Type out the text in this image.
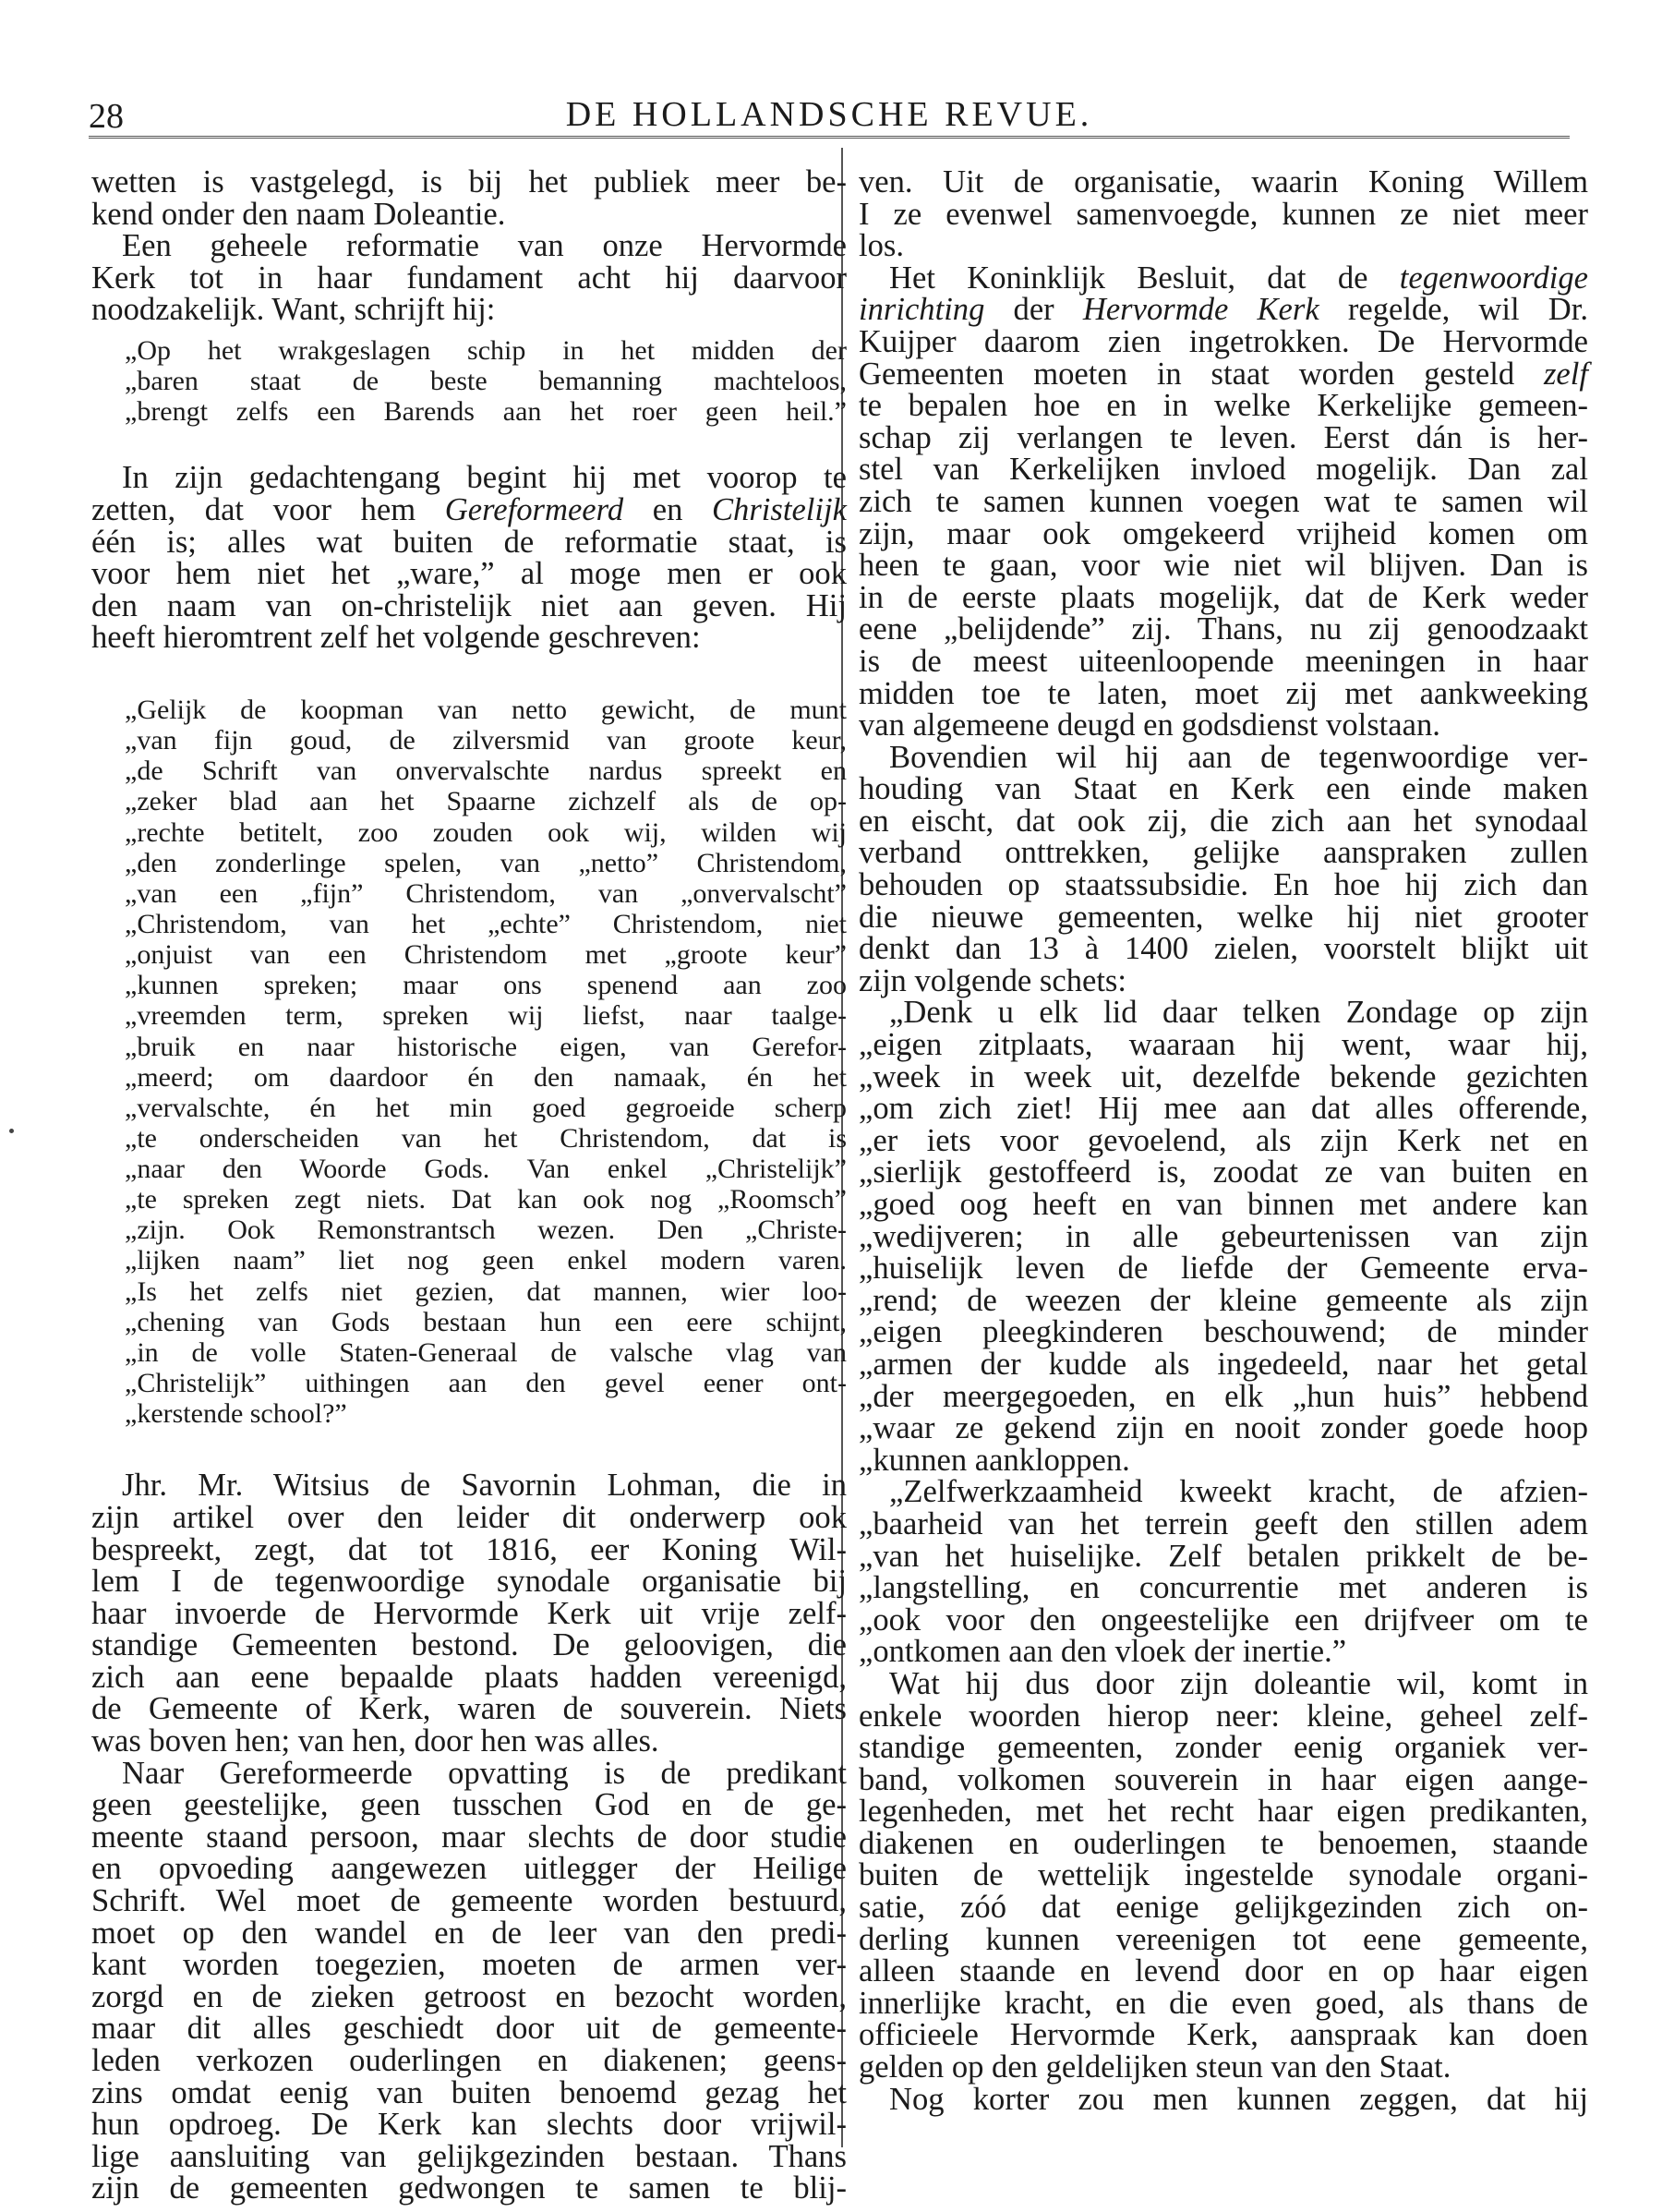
28	DE HOLLANDSCHE REVUE.

wetten is vastgelegd, is bij het publiek meer be-

kend onder den naam Doleantie.

Een geheele reformatie van onze Hervormde

Kerk tot in haar fundament acht hij daarvoor

noodzakelijk. Want, schrijft hij:

„Op het wrakgeslagen schip in het midden der

„baren staat de beste bemanning machteloos,

„brengt zelfs een Barends aan het roer geen heil.”

In zijn gedachtengang begint hij met voorop te

zetten, dat voor hem Gereformeerd en Christelijk

één is; alles wat buiten de reformatie staat, is

voor hem niet het „ware,” al moge men er ook

den naam van on-christelijk niet aan geven. Hij

heeft hieromtrent zelf het volgende geschreven:

„Gelijk de koopman van netto gewicht, de munt

„van fijn goud, de zilversmid van groote keur,

„de Schrift van onvervalschte nardus spreekt en

„zeker blad aan het Spaarne zichzelf als de op-

„rechte betitelt, zoo zouden ook wij, wilden wij

„den zonderlinge spelen, van „netto” Christendom,

„van een „fijn” Christendom, van „onvervalscht”

„Christendom, van het „echte” Christendom, niet

„onjuist van een Christendom met „groote keur”

„kunnen spreken; maar ons spenend aan zoo

„vreemden term, spreken wij liefst, naar taalge-

„bruik en naar historische eigen, van Gerefor-

„meerd; om daardoor én den namaak, én het

„vervalschte, én het min goed gegroeide scherp

„te onderscheiden van het Christendom, dat is

„naar den Woorde Gods. Van enkel „Christelijk”

„te spreken zegt niets. Dat kan ook nog „Roomsch”

„zijn. Ook Remonstrantsch wezen. Den „Christe-

„lijken naam” liet nog geen enkel modern varen.

„Is het zelfs niet gezien, dat mannen, wier loo-

„chening van Gods bestaan hun een eere schijnt,

„in de volle Staten-Generaal de valsche vlag van

„Christelijk” uithingen aan den gevel eener ont-

„kerstende school?”

Jhr. Mr. Witsius de Savornin Lohman, die in

zijn artikel over den leider dit onderwerp ook

bespreekt, zegt, dat tot 1816, eer Koning Wil-

lem I de tegenwoordige synodale organisatie bij

haar invoerde de Hervormde Kerk uit vrije zelf-

standige Gemeenten bestond. De geloovigen, die

zich aan eene bepaalde plaats hadden vereenigd,

de Gemeente of Kerk, waren de souverein. Niets

was boven hen; van hen, door hen was alles.

Naar Gereformeerde opvatting is de predikant

geen geestelijke, geen tusschen God en de ge-

meente staand persoon, maar slechts de door studie

en opvoeding aangewezen uitlegger der Heilige

Schrift. Wel moet de gemeente worden bestuurd,

moet op den wandel en de leer van den predi-

kant worden toegezien, moeten de armen ver-

zorgd en de zieken getroost en bezocht worden,

maar dit alles geschiedt door uit de gemeente-

leden verkozen ouderlingen en diakenen; geens-

zins omdat eenig van buiten benoemd gezag het

hun opdroeg. De Kerk kan slechts door vrijwil-

lige aansluiting van gelijkgezinden bestaan. Thans

zijn de gemeenten gedwongen te samen te blij-

ven. Uit de organisatie, waarin Koning Willem

I ze evenwel samenvoegde, kunnen ze niet meer

los.

Het Koninklijk Besluit, dat de tegenwoordige

inrichting der Hervormde Kerk regelde, wil Dr.

Kuijper daarom zien ingetrokken. De Hervormde

Gemeenten moeten in staat worden gesteld zelf

te bepalen hoe en in welke Kerkelijke gemeen-

schap zij verlangen te leven. Eerst dán is her-

stel van Kerkelijken invloed mogelijk. Dan zal

zich te samen kunnen voegen wat te samen wil

zijn, maar ook omgekeerd vrijheid komen om

heen te gaan, voor wie niet wil blijven. Dan is

in de eerste plaats mogelijk, dat de Kerk weder

eene „belijdende” zij. Thans, nu zij genoodzaakt

is de meest uiteenloopende meeningen in haar

midden toe te laten, moet zij met aankweeking

van algemeene deugd en godsdienst volstaan.

Bovendien wil hij aan de tegenwoordige ver-

houding van Staat en Kerk een einde maken

en eischt, dat ook zij, die zich aan het synodaal

verband onttrekken, gelijke aanspraken zullen

behouden op staatssubsidie. En hoe hij zich dan

die nieuwe gemeenten, welke hij niet grooter

denkt dan 13 à 1400 zielen, voorstelt blijkt uit

zijn volgende schets:

„Denk u elk lid daar telken Zondage op zijn

„eigen zitplaats, waaraan hij went, waar hij,

„week in week uit, dezelfde bekende gezichten

„om zich ziet! Hij mee aan dat alles offerende,

„er iets voor gevoelend, als zijn Kerk net en

„sierlijk gestoffeerd is, zoodat ze van buiten en

„goed oog heeft en van binnen met andere kan

„wedijveren; in alle gebeurtenissen van zijn

„huiselijk leven de liefde der Gemeente erva-

„rend; de weezen der kleine gemeente als zijn

„eigen pleegkinderen beschouwend; de minder

„armen der kudde als ingedeeld, naar het getal

„der meergegoeden, en elk „hun huis” hebbend

„waar ze gekend zijn en nooit zonder goede hoop

„kunnen aankloppen.

„Zelfwerkzaamheid kweekt kracht, de afzien-

„baarheid van het terrein geeft den stillen adem

„van het huiselijke. Zelf betalen prikkelt de be-

„langstelling, en concurrentie met anderen is

„ook voor den ongeestelijke een drijfveer om te

„ontkomen aan den vloek der inertie.”

Wat hij dus door zijn doleantie wil, komt in

enkele woorden hierop neer: kleine, geheel zelf-

standige gemeenten, zonder eenig organiek ver-

band, volkomen souverein in haar eigen aange-

legenheden, met het recht haar eigen predikanten,

diakenen en ouderlingen te benoemen, staande

buiten de wettelijk ingestelde synodale organi-

satie, zóó dat eenige gelijkgezinden zich on-

derling kunnen vereenigen tot eene gemeente,

alleen staande en levend door en op haar eigen

innerlijke kracht, en die even goed, als thans de

officieele Hervormde Kerk, aanspraak kan doen

gelden op den geldelijken steun van den Staat.

Nog korter zou men kunnen zeggen, dat hij
